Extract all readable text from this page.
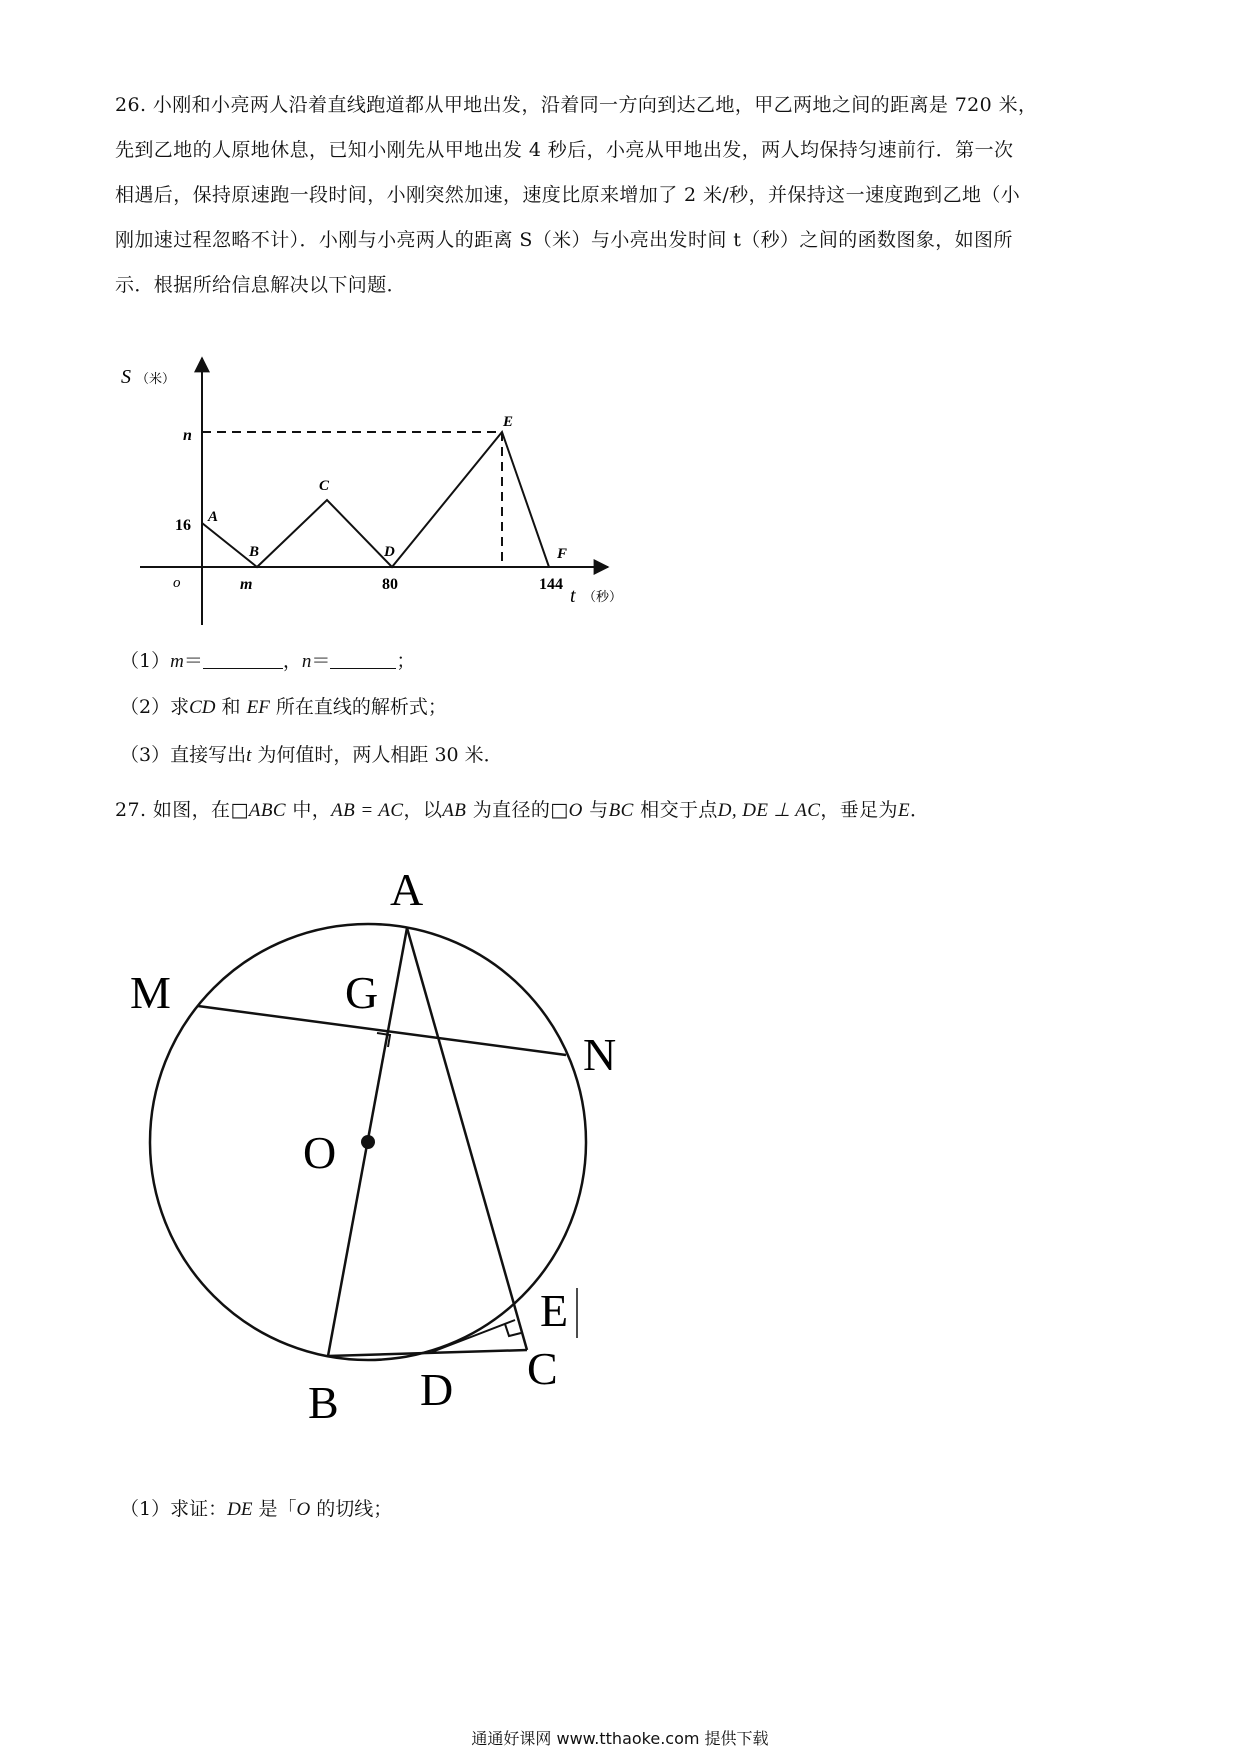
26. 小刚和小亮两人沿着直线跑道都从甲地出发，沿着同一方向到达乙地，甲乙两地之间的距离是 720 米，
先到乙地的人原地休息，已知小刚先从甲地出发 4 秒后，小亮从甲地出发，两人均保持匀速前行．第一次
相遇后，保持原速跑一段时间，小刚突然加速，速度比原来增加了 2 米/秒，并保持这一速度跑到乙地（小
刚加速过程忽略不计）．小刚与小亮两人的距离 S（米）与小亮出发时间 t（秒）之间的函数图象，如图所
示．根据所给信息解决以下问题．
S （米）
n
16 A
B
C
D
E
F
o	m	80	144
t （秒）
（1）m＝	，n＝	；
（2）求CD 和 EF 所在直线的解析式；
（3）直接写出t 为何值时，两人相距 30 米．
27. 如图，在□ABC 中，AB = AC，以AB 为直径的□O 与BC 相交于点D, DE ⊥ AC，垂足为E．
A
M	G
N
O
E
B D C
（1）求证：DE 是「O 的切线；
通通好课网 www.tthaoke.com 提供下载
